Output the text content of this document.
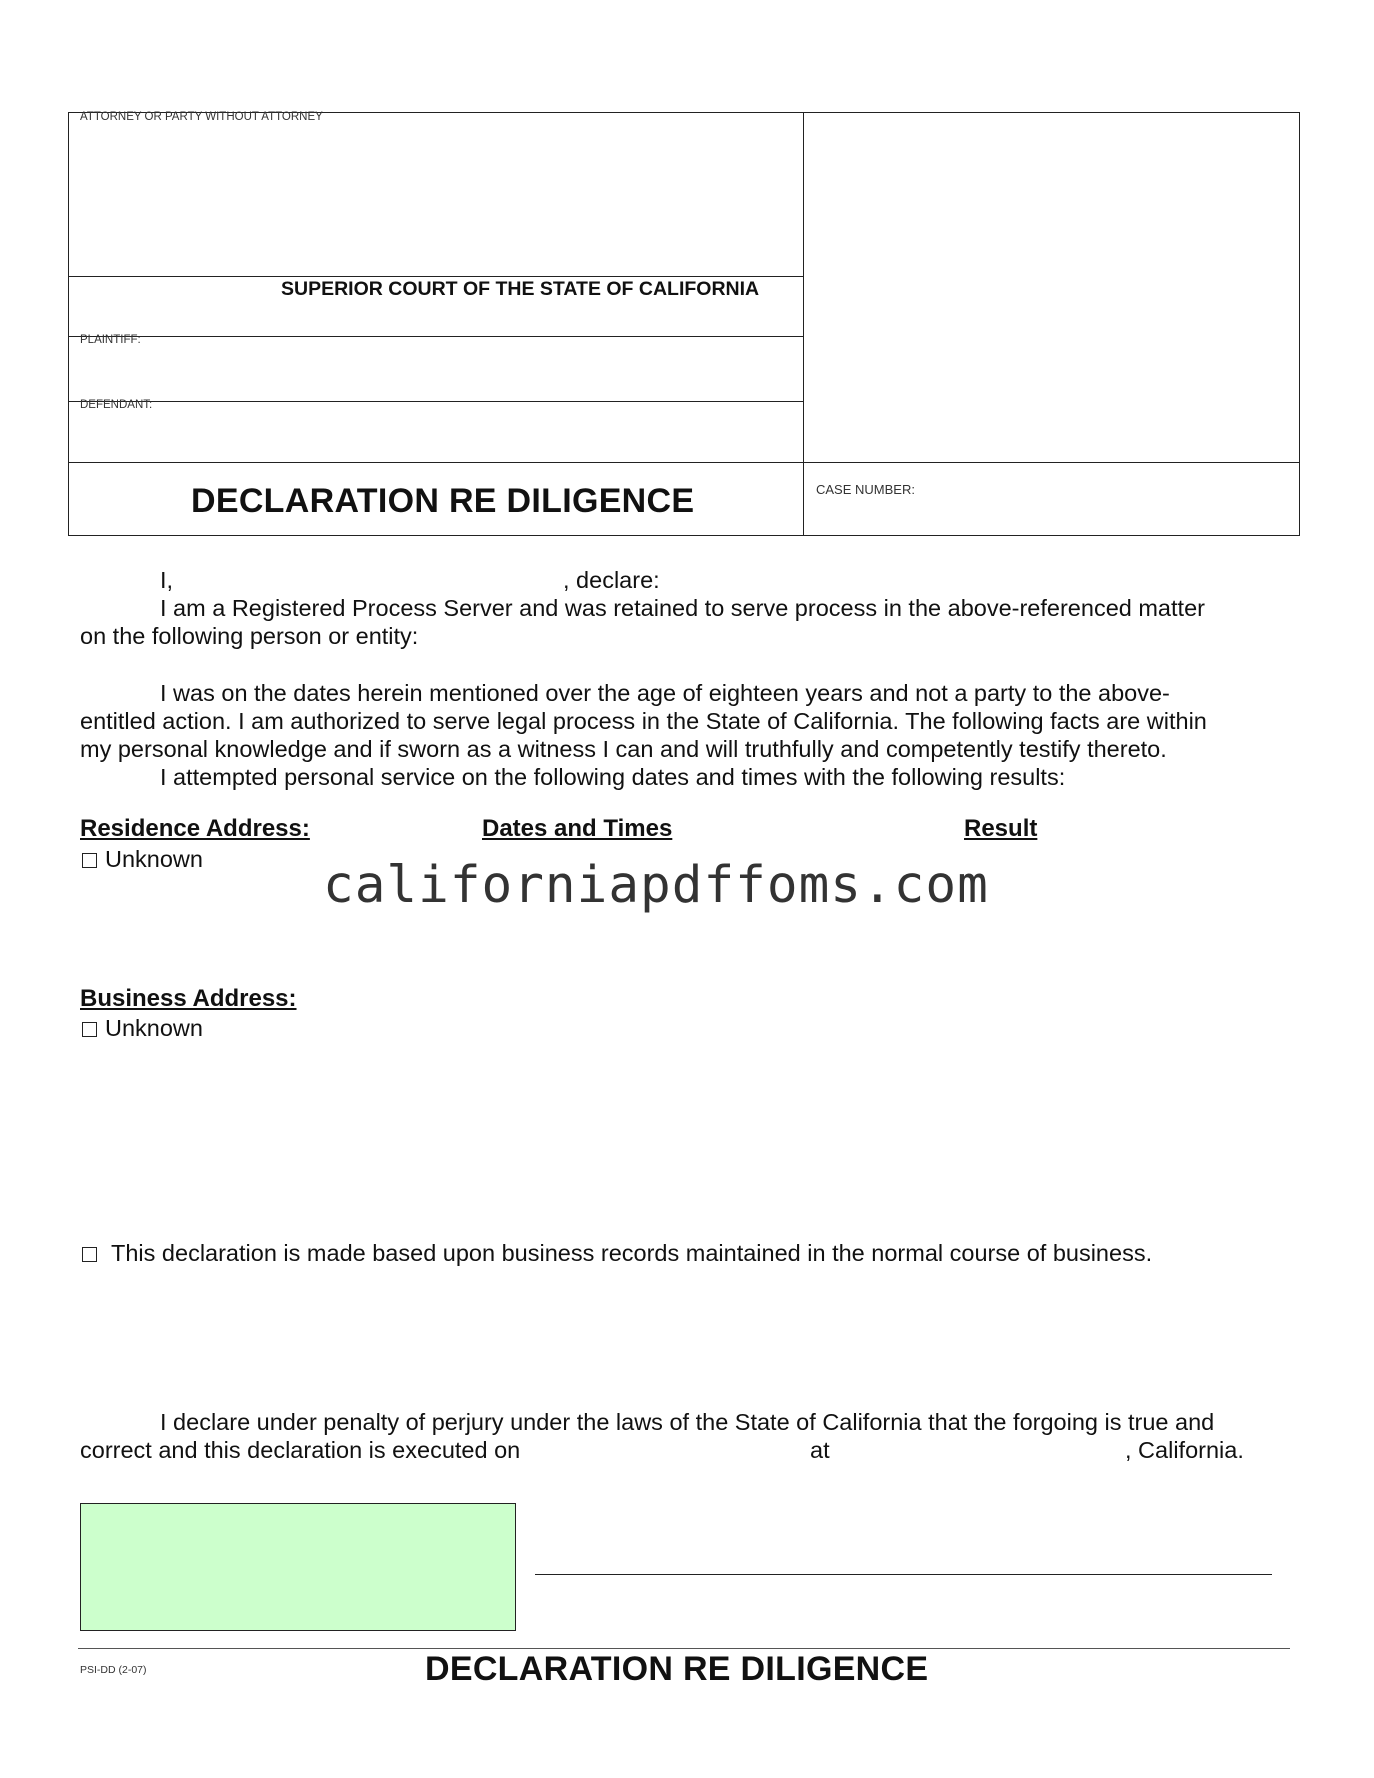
ATTORNEY OR PARTY WITHOUT ATTORNEY
SUPERIOR COURT OF THE STATE OF CALIFORNIA
PLAINTIFF:
DEFENDANT:
DECLARATION RE DILIGENCE	CASE NUMBER:
I,	, declare:
I am a Registered Process Server and was retained to serve process in the above-referenced matter
on the following person or entity:
I was on the dates herein mentioned over the age of eighteen years and not a party to the above-
entitled action. I am authorized to serve legal process in the State of California. The following facts are within
my personal knowledge and if sworn as a witness I can and will truthfully and competently testify thereto.
I attempted personal service on the following dates and times with the following results:
Residence Address:	Dates and Times	Result
Unknown californiapdffoms.com
Business Address:
Unknown
This declaration is made based upon business records maintained in the normal course of business.
I declare under penalty of perjury under the laws of the State of California that the forgoing is true and
correct and this declaration is executed on	at	, California.
PSI-DD (2-07)	DECLARATION RE DILIGENCE
